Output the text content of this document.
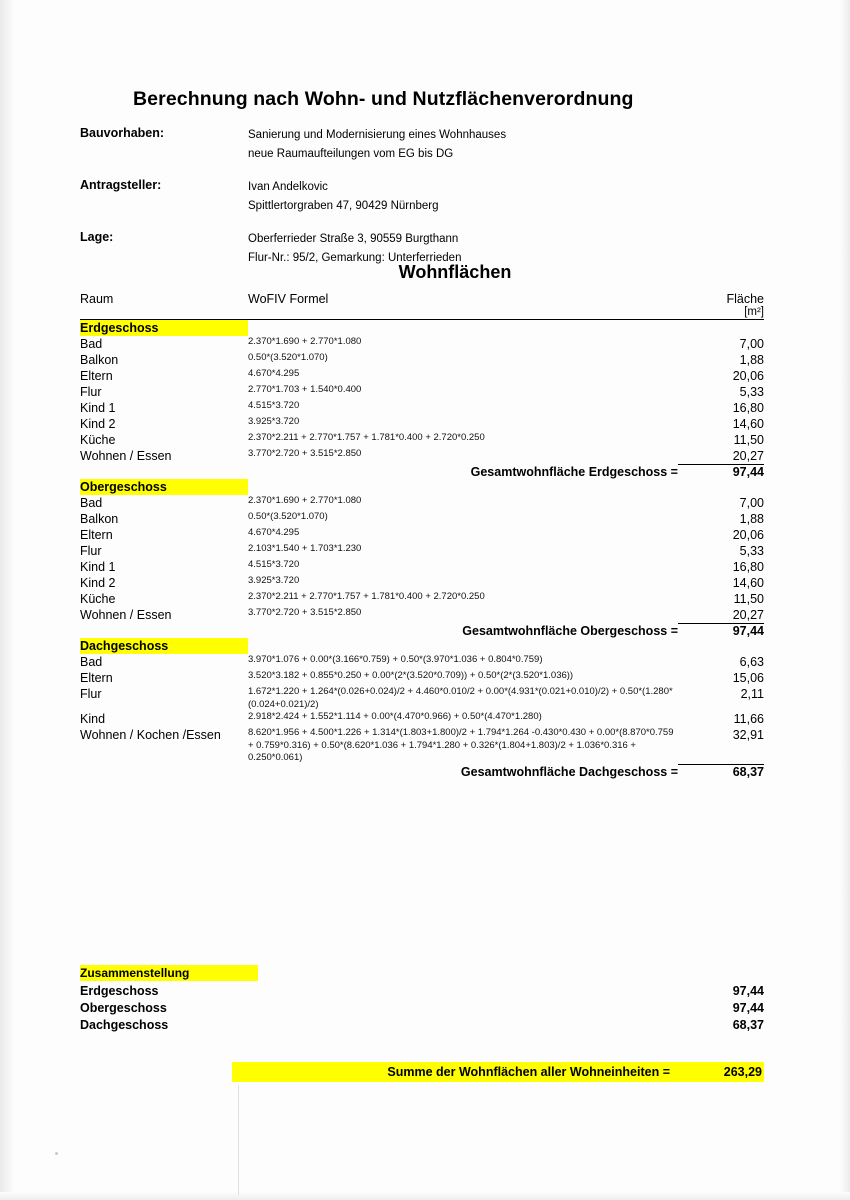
Berechnung nach Wohn- und Nutzflächenverordnung
Bauvorhaben:	Sanierung und Modernisierung eines Wohnhauses
neue Raumaufteilungen vom EG bis DG
Antragsteller:	Ivan Andelkovic
Spittlertorgraben 47, 90429 Nürnberg
Lage:	Oberferrieder Straße 3, 90559 Burgthann
Flur-Nr.: 95/2, Gemarkung: Unterferrieden
Wohnflächen
Raum	WoFIV Formel	Fläche
		[m²]

Erdgeschoss		
Bad	2.370*1.690 + 2.770*1.080	7,00
Balkon	0.50*(3.520*1.070)	1,88
Eltern	4.670*4.295	20,06
Flur	2.770*1.703 + 1.540*0.400	5,33
Kind 1	4.515*3.720	16,80
Kind 2	3.925*3.720	14,60
Küche	2.370*2.211 + 2.770*1.757 + 1.781*0.400 + 2.720*0.250	11,50
Wohnen / Essen	3.770*2.720 + 3.515*2.850	20,27
	Gesamtwohnfläche Erdgeschoss =	97,44
Obergeschoss		
Bad	2.370*1.690 + 2.770*1.080	7,00
Balkon	0.50*(3.520*1.070)	1,88
Eltern	4.670*4.295	20,06
Flur	2.103*1.540 + 1.703*1.230	5,33
Kind 1	4.515*3.720	16,80
Kind 2	3.925*3.720	14,60
Küche	2.370*2.211 + 2.770*1.757 + 1.781*0.400 + 2.720*0.250	11,50
Wohnen / Essen	3.770*2.720 + 3.515*2.850	20,27
	Gesamtwohnfläche Obergeschoss =	97,44
Dachgeschoss		
Bad	3.970*1.076 + 0.00*(3.166*0.759) + 0.50*(3.970*1.036 + 0.804*0.759)	6,63
Eltern	3.520*3.182 + 0.855*0.250 + 0.00*(2*(3.520*0.709)) + 0.50*(2*(3.520*1.036))	15,06
Flur	1.672*1.220 + 1.264*(0.026+0.024)/2 + 4.460*0.010/2 + 0.00*(4.931*(0.021+0.010)/2) + 0.50*(1.280*(0.024+0.021)/2)	2,11
Kind	2.918*2.424 + 1.552*1.114 + 0.00*(4.470*0.966) + 0.50*(4.470*1.280)	11,66
Wohnen / Kochen /Essen	8.620*1.956 + 4.500*1.226 + 1.314*(1.803+1.800)/2 + 1.794*1.264 -0.430*0.430 + 0.00*(8.870*0.759 + 0.759*0.316) + 0.50*(8.620*1.036 + 1.794*1.280 + 0.326*(1.804+1.803)/2 + 1.036*0.316 + 0.250*0.061)	32,91
	Gesamtwohnfläche Dachgeschoss =	68,37
Zusammenstellung
Erdgeschoss	97,44
Obergeschoss	97,44
Dachgeschoss	68,37
Summe der Wohnflächen aller Wohneinheiten =	263,29
